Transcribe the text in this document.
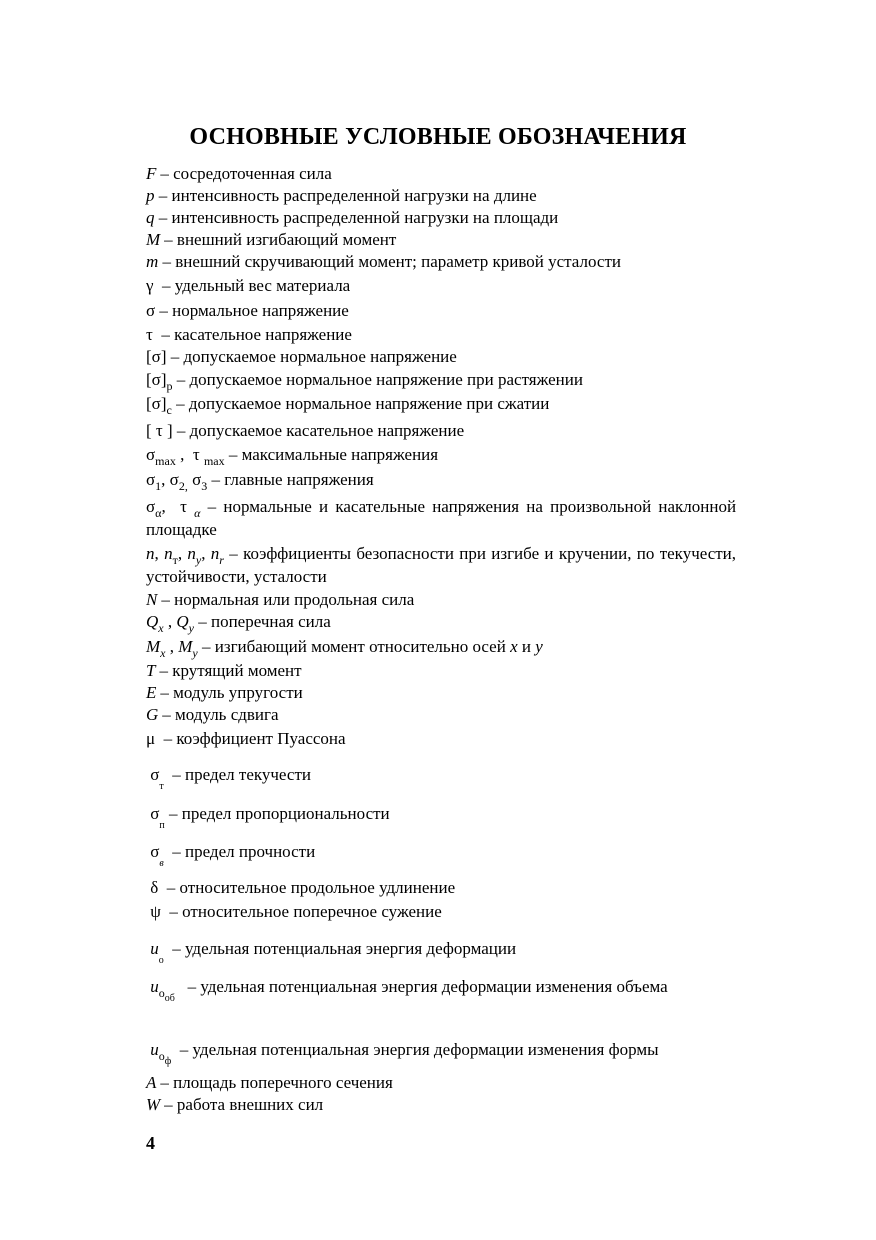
ОСНОВНЫЕ УСЛОВНЫЕ ОБОЗНАЧЕНИЯ
F – сосредоточенная сила
p – интенсивность распределенной нагрузки на длине
q – интенсивность распределенной нагрузки на площади
M – внешний изгибающий момент
m – внешний скручивающий момент; параметр кривой усталости
γ – удельный вес материала
σ – нормальное напряжение
τ – касательное напряжение
[σ] – допускаемое нормальное напряжение
$[\sigma]_p$ – допускаемое нормальное напряжение при растяжении
$[\sigma]_c$ – допускаемое нормальное напряжение при сжатии
[ τ ] – допускаемое касательное напряжение
$\sigma_{max}$ ,  τ $_{max}$ – максимальные напряжения
$\sigma_1$, $\sigma_{2,}$ $\sigma_3$ – главные напряжения
$\sigma_\alpha$,  τ $_\alpha$ – нормальные и касательные напряжения на произвольной наклонной площадке
n, $n_т$, $n_y$, $n_r$ – коэффициенты безопасности при изгибе и кручении, по текучести, устойчивости, усталости
N – нормальная или продольная сила
$Q_x$ , $Q_y$ – поперечная сила
$M_x$ , $M_y$ – изгибающий момент относительно осей x и y
T – крутящий момент
E – модуль упругости
G – модуль сдвига
μ – коэффициент Пуассона
$\sigma_т$  – предел текучести
$\sigma_п$ – предел пропорциональности
$\sigma_в$  – предел прочности
δ – относительное продольное удлинение
ψ – относительное поперечное сужение
$u_о$  – удельная потенциальная энергия деформации
$u_{ооб}$   – удельная потенциальная энергия деформации изменения объема
$u_{оф}$  – удельная потенциальная энергия деформации изменения формы
A – площадь поперечного сечения
W – работа внешних сил
4
